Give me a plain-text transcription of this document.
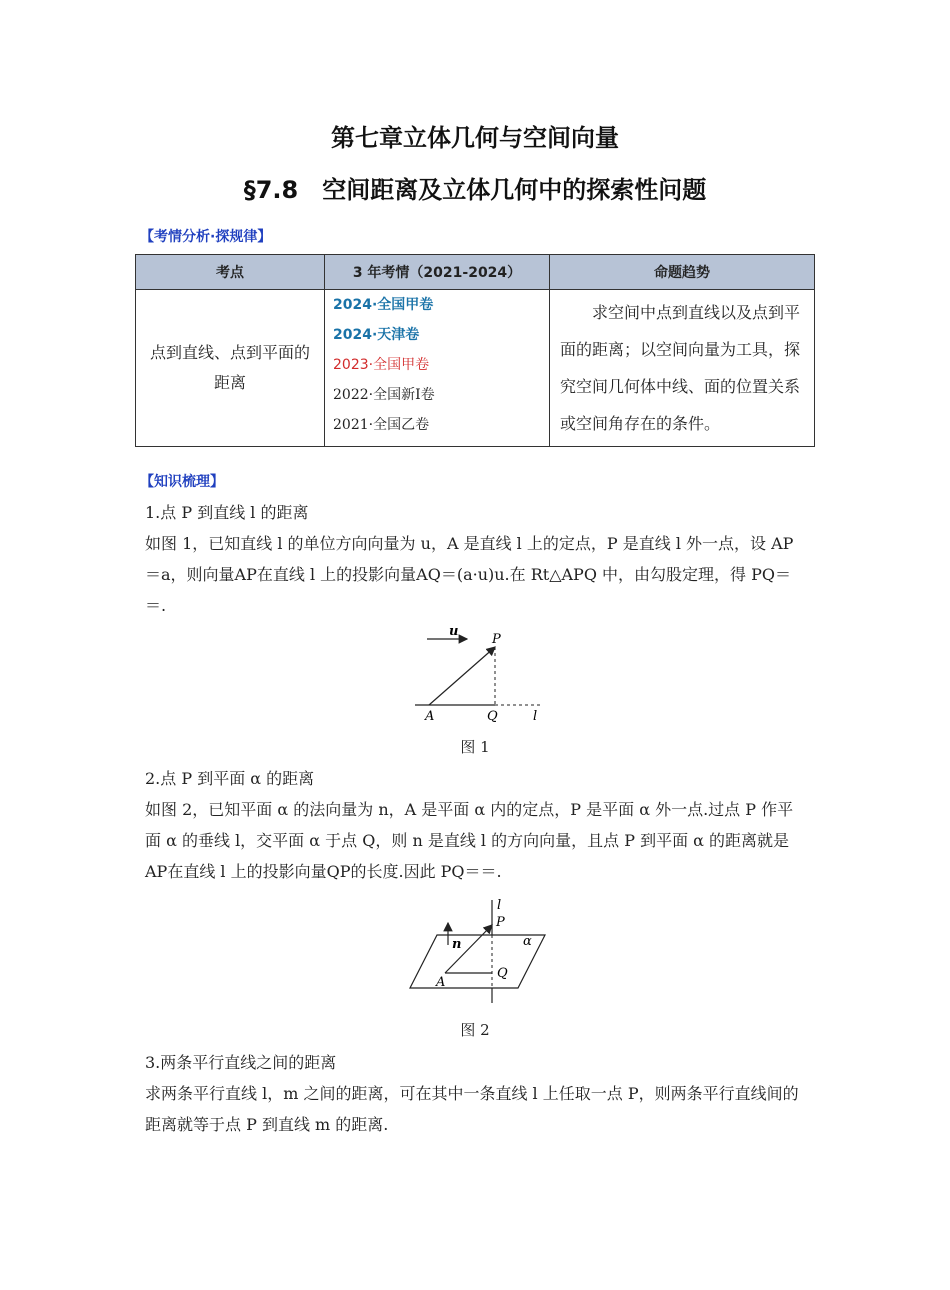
第七章立体几何与空间向量
§7.8　空间距离及立体几何中的探索性问题
【考情分析·探规律】
考点	3 年考情（2021-2024）	命题趋势

点到直线、点到平面的距离	2024·全国甲卷
2024·天津卷
2023·全国甲卷
2022·全国新Ⅰ卷
2021·全国乙卷	求空间中点到直线以及点到平面的距离；以空间向量为工具，探究空间几何体中线、面的位置关系或空间角存在的条件。

【知识梳理】
1.点 P 到直线 l 的距离
如图 1，已知直线 l 的单位方向向量为 u，A 是直线 l 上的定点，P 是直线 l 外一点，设 AP＝a，则向量AP在直线 l 上的投影向量AQ＝(a·u)u.在 Rt△APQ 中，由勾股定理，得 PQ＝＝.
u
P
A	Q	l
图 1
2.点 P 到平面 α 的距离
如图 2，已知平面 α 的法向量为 n，A 是平面 α 内的定点，P 是平面 α 外一点.过点 P 作平面 α 的垂线 l，交平面 α 于点 Q，则 n 是直线 l 的方向向量，且点 P 到平面 α 的距离就是AP在直线 l 上的投影向量QP的长度.因此 PQ＝＝.
l
P
n	α
A
Q
图 2
3.两条平行直线之间的距离
求两条平行直线 l，m 之间的距离，可在其中一条直线 l 上任取一点 P，则两条平行直线间的距离就等于点 P 到直线 m 的距离.
